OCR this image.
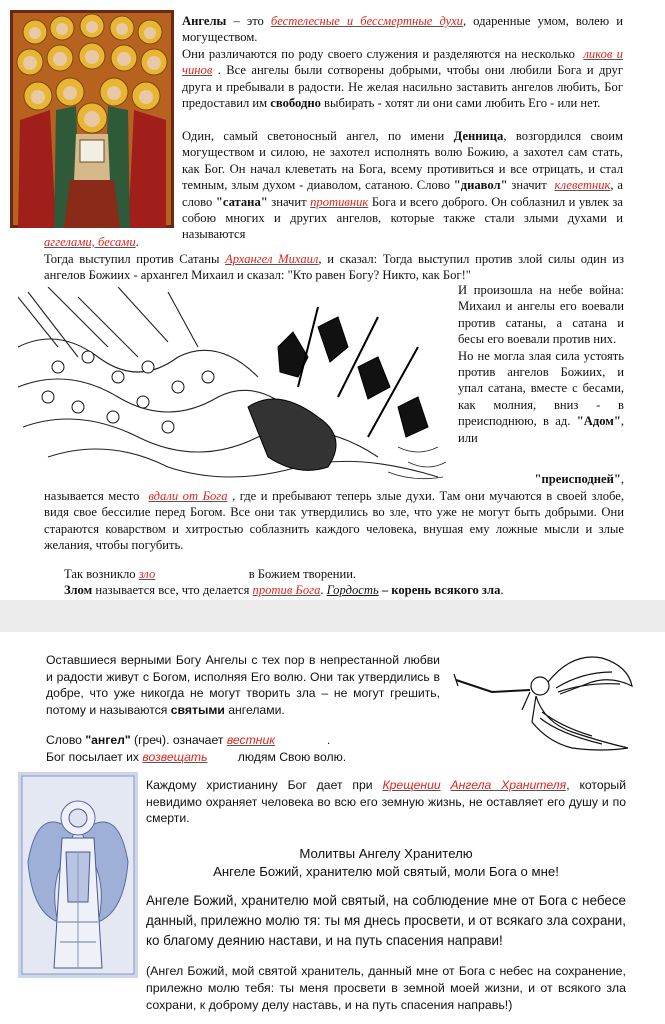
Ангелы – это бестелесные и бессмертные духи, одаренные умом, волею и могуществом.
Они различаются по роду своего служения и разделяются на несколько  ликов и чинов . Все ангелы были сотворены добрыми, чтобы они любили Бога и друг друга и пребывали в радости. Не желая насильно заставить ангелов любить, Бог предоставил им свободно выбирать - хотят ли они сами любить Его - или нет.

Один, самый светоносный ангел, по имени Денница, возгордился своим могуществом и силою, не захотел исполнять волю Божию, а захотел сам стать, как Бог. Он начал клеветать на Бога, всему противиться и все отрицать, и стал темным, злым духом - диаволом, сатаною. Слово "диавол" значит  клеветник, а слово "сатана" значит противник Бога и всего доброго. Он соблазнил и увлек за собою многих и других ангелов, которые также стали злыми духами и называются

аггелами, бесами.

Тогда выступил против Сатаны Архангел Михаил, и сказал: Тогда выступил против злой силы один из ангелов Божиих - архангел Михаил и сказал: "Кто равен Богу? Никто, как Бог!"

И произошла на небе война: Михаил и ангелы его воевали против сатаны, а сатана и бесы его воевали против них.
Но не могла злая сила устоять против ангелов Божиих, и упал сатана, вместе с бесами, как молния, вниз - в преисподнюю, в ад. "Адом", или

"преисподней",

называется место  вдали от Бога , где и пребывают теперь злые духи. Там они мучаются в своей злобе, видя свое бессилие перед Богом. Все они так утвердились во зле, что уже не могут быть добрыми. Они стараются коварством и хитростью соблазнить каждого человека, внушая ему ложные мысли и злые желания, чтобы погубить.

Так возникло зло	в Божием творении.

Злом называется все, что делается против Бога. Гордость – корень всякого зла.

Оставшиеся верными Богу Ангелы с тех пор в непрестанной любви и радости живут с Богом, исполняя Его волю. Они так утвердились в добре, что уже никогда не могут творить зла – не могут грешить, потому и называются святыми ангелами.

Слово "ангел" (греч). означает вестник	.
Бог посылает их возвещать людям Свою волю.

Каждому христианину Бог дает при Крещении Ангела Хранителя, который невидимо охраняет человека во всю его земную жизнь, не оставляет его душу и по смерти.

Молитвы Ангелу Хранителю
Ангеле Божий, хранителю мой святый, моли Бога о мне!

Ангеле Божий, хранителю мой святый, на соблюдение мне от Бога с небесе данный, прилежно молю тя: ты мя днесь просвети, и от всякаго зла сохрани, ко благому деянию настави, и на путь спасения направи!

(Ангел Божий, мой святой хранитель, данный мне от Бога с небес на сохранение, прилежно молю тебя: ты меня просвети в земной моей жизни, и от всякого зла сохрани, к доброму делу наставь, и на путь спасения направь!)
